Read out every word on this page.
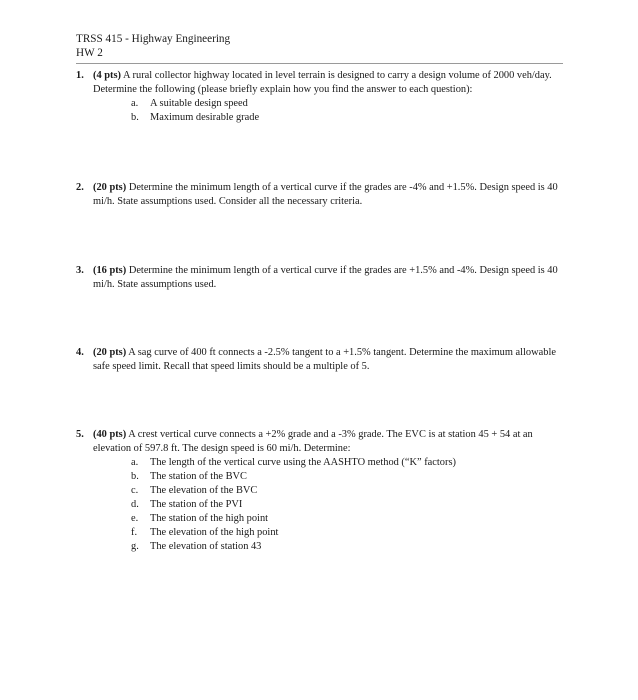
TRSS 415 - Highway Engineering
HW 2
1. (4 pts) A rural collector highway located in level terrain is designed to carry a design volume of 2000 veh/day. Determine the following (please briefly explain how you find the answer to each question):
a.	A suitable design speed
b.	Maximum desirable grade
2. (20 pts) Determine the minimum length of a vertical curve if the grades are -4% and +1.5%. Design speed is 40 mi/h. State assumptions used. Consider all the necessary criteria.
3. (16 pts) Determine the minimum length of a vertical curve if the grades are +1.5% and -4%. Design speed is 40 mi/h. State assumptions used.
4. (20 pts) A sag curve of 400 ft connects a -2.5% tangent to a +1.5% tangent. Determine the maximum allowable safe speed limit. Recall that speed limits should be a multiple of 5.
5. (40 pts) A crest vertical curve connects a +2% grade and a -3% grade. The EVC is at station 45 + 54 at an elevation of 597.8 ft. The design speed is 60 mi/h. Determine:
a.	The length of the vertical curve using the AASHTO method (“K” factors)
b.	The station of the BVC
c.	The elevation of the BVC
d.	The station of the PVI
e.	The station of the high point
f.	The elevation of the high point
g.	The elevation of station 43
